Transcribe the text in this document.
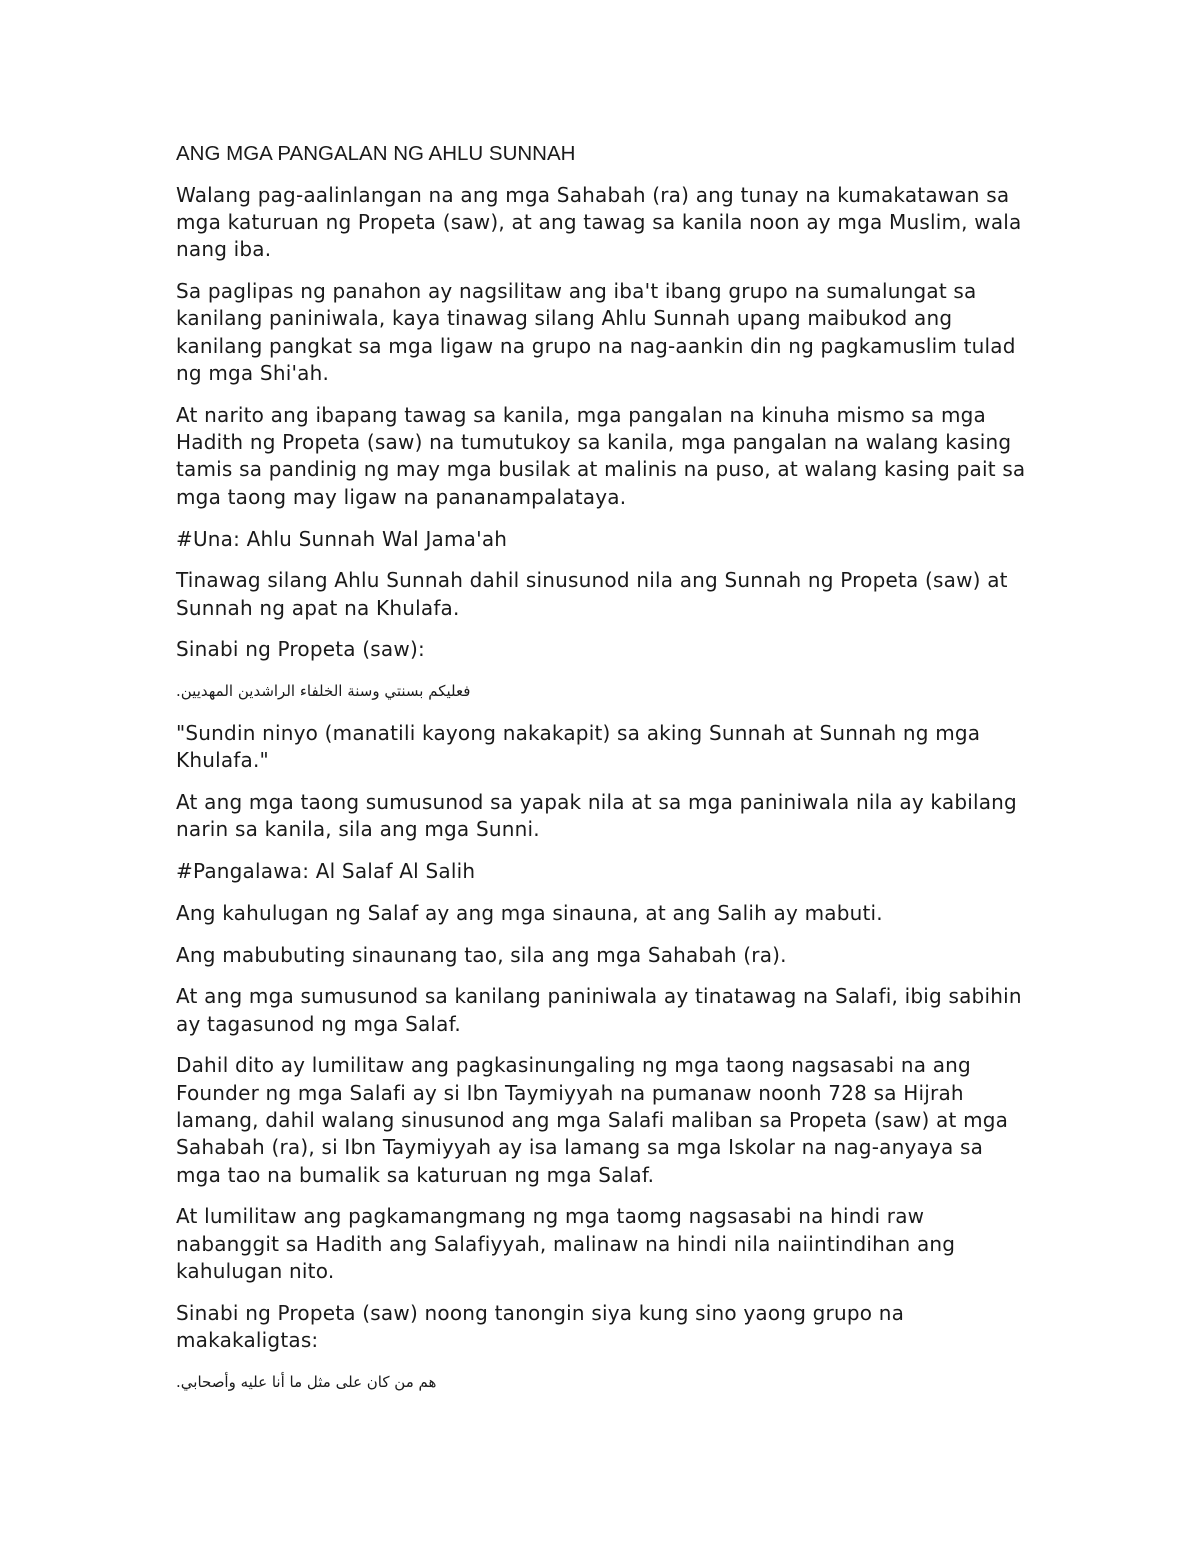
ANG MGA PANGALAN NG AHLU SUNNAH

Walang pag-aalinlangan na ang mga Sahabah (ra) ang tunay na kumakatawan sa mga katuruan ng Propeta (saw), at ang tawag sa kanila noon ay mga Muslim, wala nang iba.

Sa paglipas ng panahon ay nagsilitaw ang iba't ibang grupo na sumalungat sa kanilang paniniwala, kaya tinawag silang Ahlu Sunnah upang maibukod ang kanilang pangkat sa mga ligaw na grupo na nag-aankin din ng pagkamuslim tulad ng mga Shi'ah.

At narito ang ibapang tawag sa kanila, mga pangalan na kinuha mismo sa mga Hadith ng Propeta (saw) na tumutukoy sa kanila, mga pangalan na walang kasing tamis sa pandinig ng may mga busilak at malinis na puso, at walang kasing pait sa mga taong may ligaw na pananampalataya.

#Una: Ahlu Sunnah Wal Jama'ah

Tinawag silang Ahlu Sunnah dahil sinusunod nila ang Sunnah ng Propeta (saw) at Sunnah ng apat na Khulafa.

Sinabi ng Propeta (saw):

فعليكم بسنتي وسنة الخلفاء الراشدين المهديين.

"Sundin ninyo (manatili kayong nakakapit) sa aking Sunnah at Sunnah ng mga Khulafa."

At ang mga taong sumusunod sa yapak nila at sa mga paniniwala nila ay kabilang narin sa kanila, sila ang mga Sunni.

#Pangalawa: Al Salaf Al Salih

Ang kahulugan ng Salaf ay ang mga sinauna, at ang Salih ay mabuti.

Ang mabubuting sinaunang tao, sila ang mga Sahabah (ra).

At ang mga sumusunod sa kanilang paniniwala ay tinatawag na Salafi, ibig sabihin ay tagasunod ng mga Salaf.

Dahil dito ay lumilitaw ang pagkasinungaling ng mga taong nagsasabi na ang Founder ng mga Salafi ay si Ibn Taymiyyah na pumanaw noonh 728 sa Hijrah lamang, dahil walang sinusunod ang mga Salafi maliban sa Propeta (saw) at mga Sahabah (ra), si Ibn Taymiyyah ay isa lamang sa mga Iskolar na nag-anyaya sa mga tao na bumalik sa katuruan ng mga Salaf.

At lumilitaw ang pagkamangmang ng mga taomg nagsasabi na hindi raw nabanggit sa Hadith ang Salafiyyah, malinaw na hindi nila naiintindihan ang kahulugan nito.

Sinabi ng Propeta (saw) noong tanongin siya kung sino yaong grupo na makakaligtas:

هم من كان على مثل ما أنا عليه وأصحابي.
